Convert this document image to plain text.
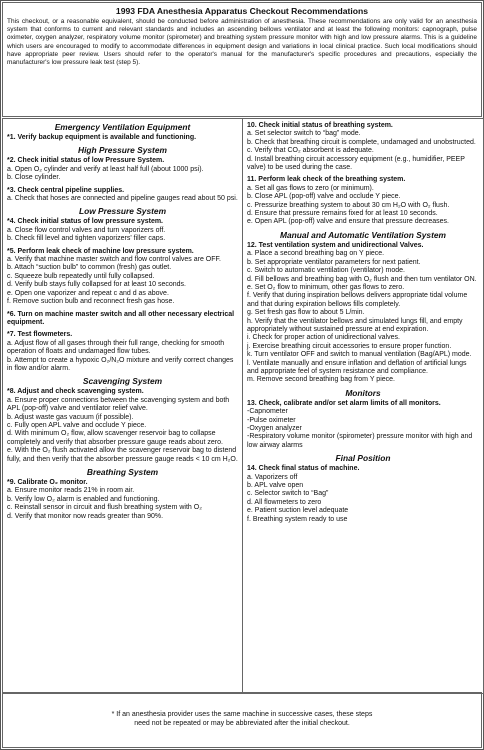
1993 FDA Anesthesia Apparatus Checkout Recommendations
This checkout, or a reasonable equivalent, should be conducted before administration of anesthesia. These recommendations are only valid for an anesthesia system that conforms to current and relevant standards and includes an ascending bellows ventilator and at least the following monitors: capnograph, pulse oximeter, oxygen analyzer, respiratory volume monitor (spirometer) and breathing system pressure monitor with high and low pressure alarms. This is a guideline which users are encouraged to modify to accommodate differences in equipment design and variations in local clinical practice. Such local modifications should have appropriate peer review. Users should refer to the operator's manual for the manufacturer's specific procedures and precautions, especially the manufacturer's low pressure leak test (step 5).
Emergency Ventilation Equipment
*1. Verify backup equipment is available and functioning.
High Pressure System
*2. Check initial status of low Pressure System.
a. Open O₂ cylinder and verify at least half full (about 1000 psi).
b. Close cylinder.
*3. Check central pipeline supplies.
a. Check that hoses are connected and pipeline gauges read about 50 psi.
Low Pressure System
*4. Check initial status of low pressure system.
a. Close flow control valves and turn vaporizers off.
b. Check fill level and tighten vaporizers' filler caps.
*5. Perform leak check of machine low pressure system.
a. Verify that machine master switch and flow control valves are OFF.
b. Attach “suction bulb” to common (fresh) gas outlet.
c. Squeeze bulb repeatedly until fully collapsed.
d. Verify bulb stays fully collapsed for at least 10 seconds.
e. Open one vaporizer and repeat c and d as above.
f. Remove suction bulb and reconnect fresh gas hose.
*6. Turn on machine master switch and all other necessary electrical equipment.
*7. Test flowmeters.
a. Adjust flow of all gases through their full range, checking for smooth operation of floats and undamaged flow tubes.
b. Attempt to create a hypoxic O₂/N₂O mixture and verify correct changes in flow and/or alarm.
Scavenging System
*8. Adjust and check scavenging system.
a. Ensure proper connections between the scavenging system and both APL (pop-off) valve and ventilator relief valve.
b. Adjust waste gas vacuum (if possible).
c. Fully open APL valve and occlude Y piece.
d. With minimum O₂ flow, allow scavenger reservoir bag to collapse completely and verify that absorber pressure gauge reads about zero.
e. With the O₂ flush activated allow the scavenger reservoir bag to distend fully, and then verify that the absorber pressure gauge reads < 10 cm H₂O.
Breathing System
*9. Calibrate O₂ monitor.
a. Ensure monitor reads 21% in room air.
b. Verify low O₂ alarm is enabled and functioning.
c. Reinstall sensor in circuit and flush breathing system with O₂
d. Verify that monitor now reads greater than 90%.
10. Check initial status of breathing system.
a. Set selector switch to “bag” mode.
b. Check that breathing circuit is complete, undamaged and unobstructed.
c. Verify that CO₂ absorbent is adequate.
d. Install breathing circuit accessory equipment (e.g., humidifier, PEEP valve) to be used during the case.
11. Perform leak check of the breathing system.
a. Set all gas flows to zero (or minimum).
b. Close APL (pop-off) valve and occlude Y piece.
c. Pressurize breathing system to about 30 cm H₂O with O₂ flush.
d. Ensure that pressure remains fixed for at least 10 seconds.
e. Open APL (pop-off) valve and ensure that pressure decreases.
Manual and Automatic Ventilation System
12. Test ventilation system and unidirectional Valves.
a. Place a second breathing bag on Y piece.
b. Set appropriate ventilator parameters for next patient.
c. Switch to automatic ventilation (ventilator) mode.
d. Fill bellows and breathing bag with O₂ flush and then turn ventilator ON.
e. Set O₂ flow to minimum, other gas flows to zero.
f. Verify that during inspiration bellows delivers appropriate tidal volume and that during expiration bellows fills completely.
g. Set fresh gas flow to about 5 L/min.
h. Verify that the ventilator bellows and simulated lungs fill, and empty appropriately without sustained pressure at end expiration.
i. Check for proper action of unidirectional valves.
j. Exercise breathing circuit accessories to ensure proper function.
k. Turn ventilator OFF and switch to manual ventilation (Bag/APL) mode.
l. Ventilate manually and ensure inflation and deflation of artificial lungs and appropriate feel of system resistance and compliance.
m. Remove second breathing bag from Y piece.
Monitors
13. Check, calibrate and/or set alarm limits of all monitors.
-Capnometer
-Pulse oximeter
-Oxygen analyzer
-Respiratory volume monitor (spirometer) pressure monitor with high and low airway alarms
Final Position
14. Check final status of machine.
a. Vaporizers off
b. APL valve open
c. Selector switch to “Bag”
d. All flowmeters to zero
e. Patient suction level adequate
f. Breathing system ready to use
* If an anesthesia provider uses the same machine in successive cases, these steps
need not be repeated or may be abbreviated after the initial checkout.
